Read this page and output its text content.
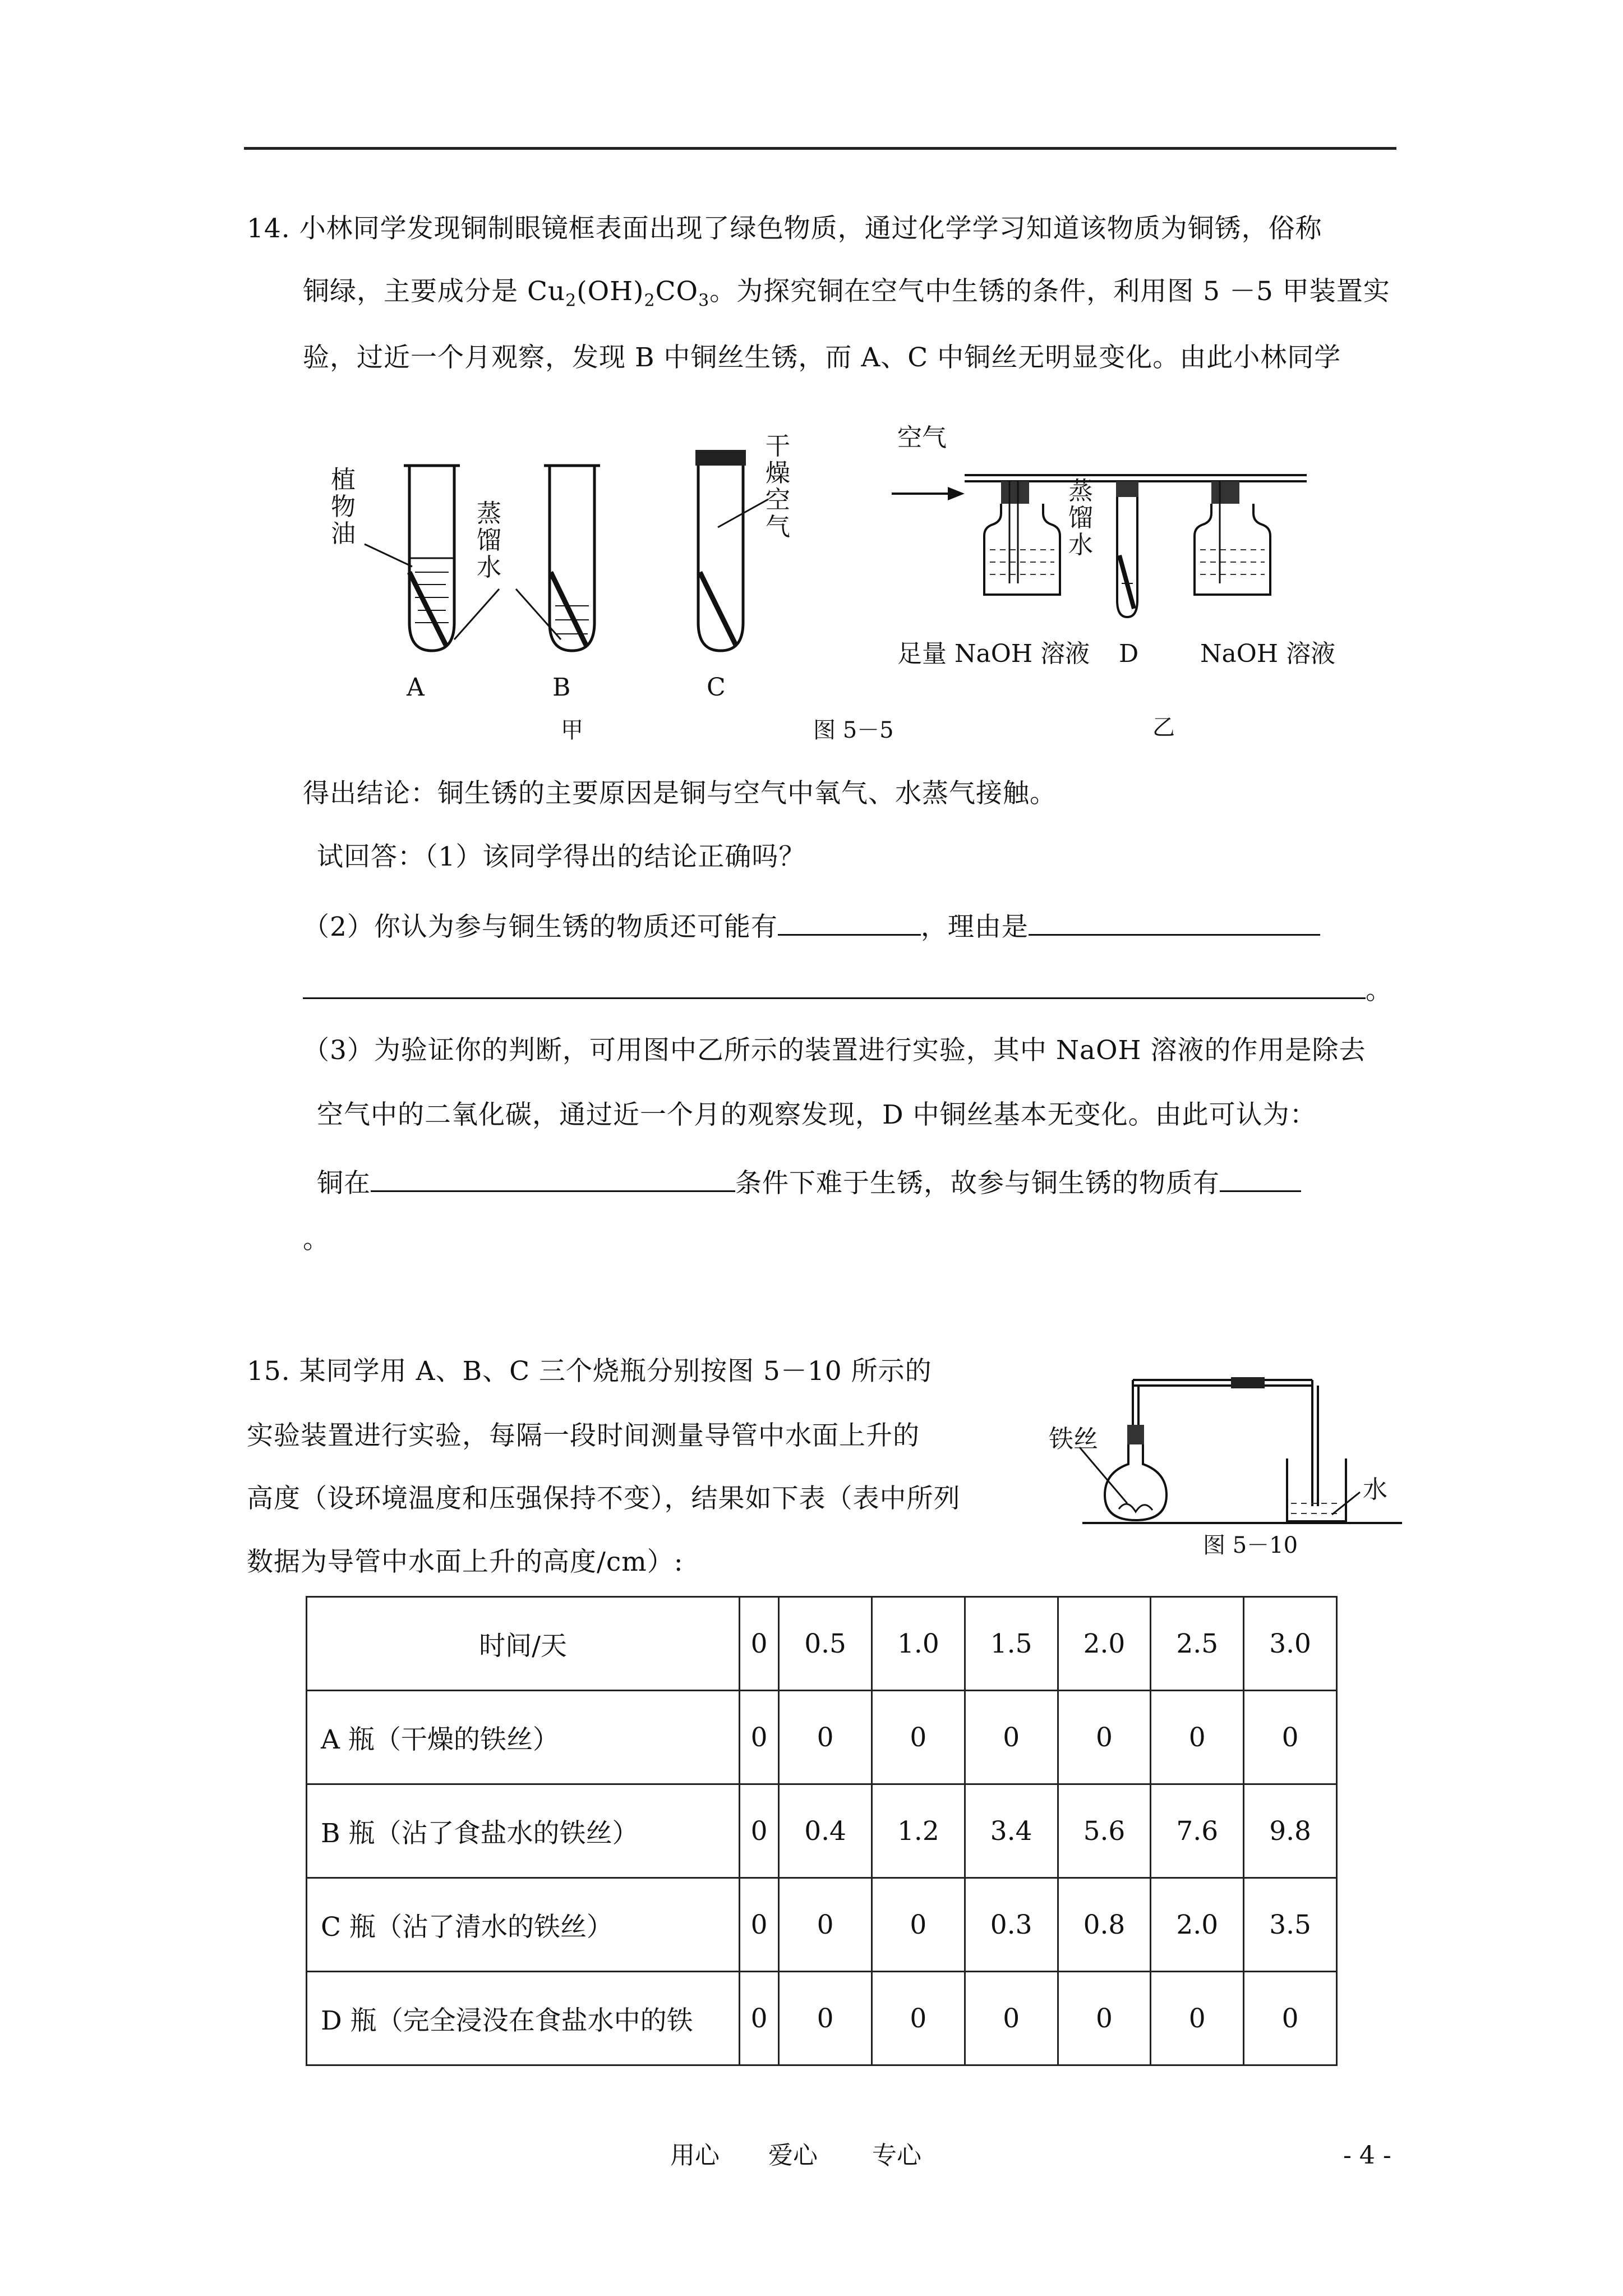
14. 小林同学发现铜制眼镜框表面出现了绿色物质，通过化学学习知道该物质为铜锈，俗称
铜绿，主要成分是 $Cu_2(OH)_2CO_3$。为探究铜在空气中生锈的条件，利用图 5 －5 甲装置实
验，过近一个月观察，发现 B 中铜丝生锈，而 A、C 中铜丝无明显变化。由此小林同学
植物油
蒸馏水
干燥空气
A	B	C
甲
空气
蒸馏水
足量 NaOH 溶液 D NaOH 溶液
图 5－5	乙
得出结论：铜生锈的主要原因是铜与空气中氧气、水蒸气接触。
试回答：（1）该同学得出的结论正确吗？
（2）你认为参与铜生锈的物质还可能有	，理由是
。
（3）为验证你的判断，可用图中乙所示的装置进行实验，其中 NaOH 溶液的作用是除去
空气中的二氧化碳，通过近一个月的观察发现，D 中铜丝基本无变化。由此可认为：
铜在	条件下难于生锈，故参与铜生锈的物质有
。
15. 某同学用 A、B、C 三个烧瓶分别按图 5－10 所示的
实验装置进行实验，每隔一段时间测量导管中水面上升的
高度（设环境温度和压强保持不变），结果如下表（表中所列
数据为导管中水面上升的高度/cm）:
铁丝
水
图 5－10
时间/天	0	0.5	1.0	1.5	2.0	2.5	3.0
A 瓶（干燥的铁丝）	0	0	0	0	0	0	0
B 瓶（沾了食盐水的铁丝）	0	0.4	1.2	3.4	5.6	7.6	9.8
C 瓶（沾了清水的铁丝）	0	0	0	0.3	0.8	2.0	3.5
D 瓶（完全浸没在食盐水中的铁	0	0	0	0	0	0	0
用心 爱心 专心	- 4 -
